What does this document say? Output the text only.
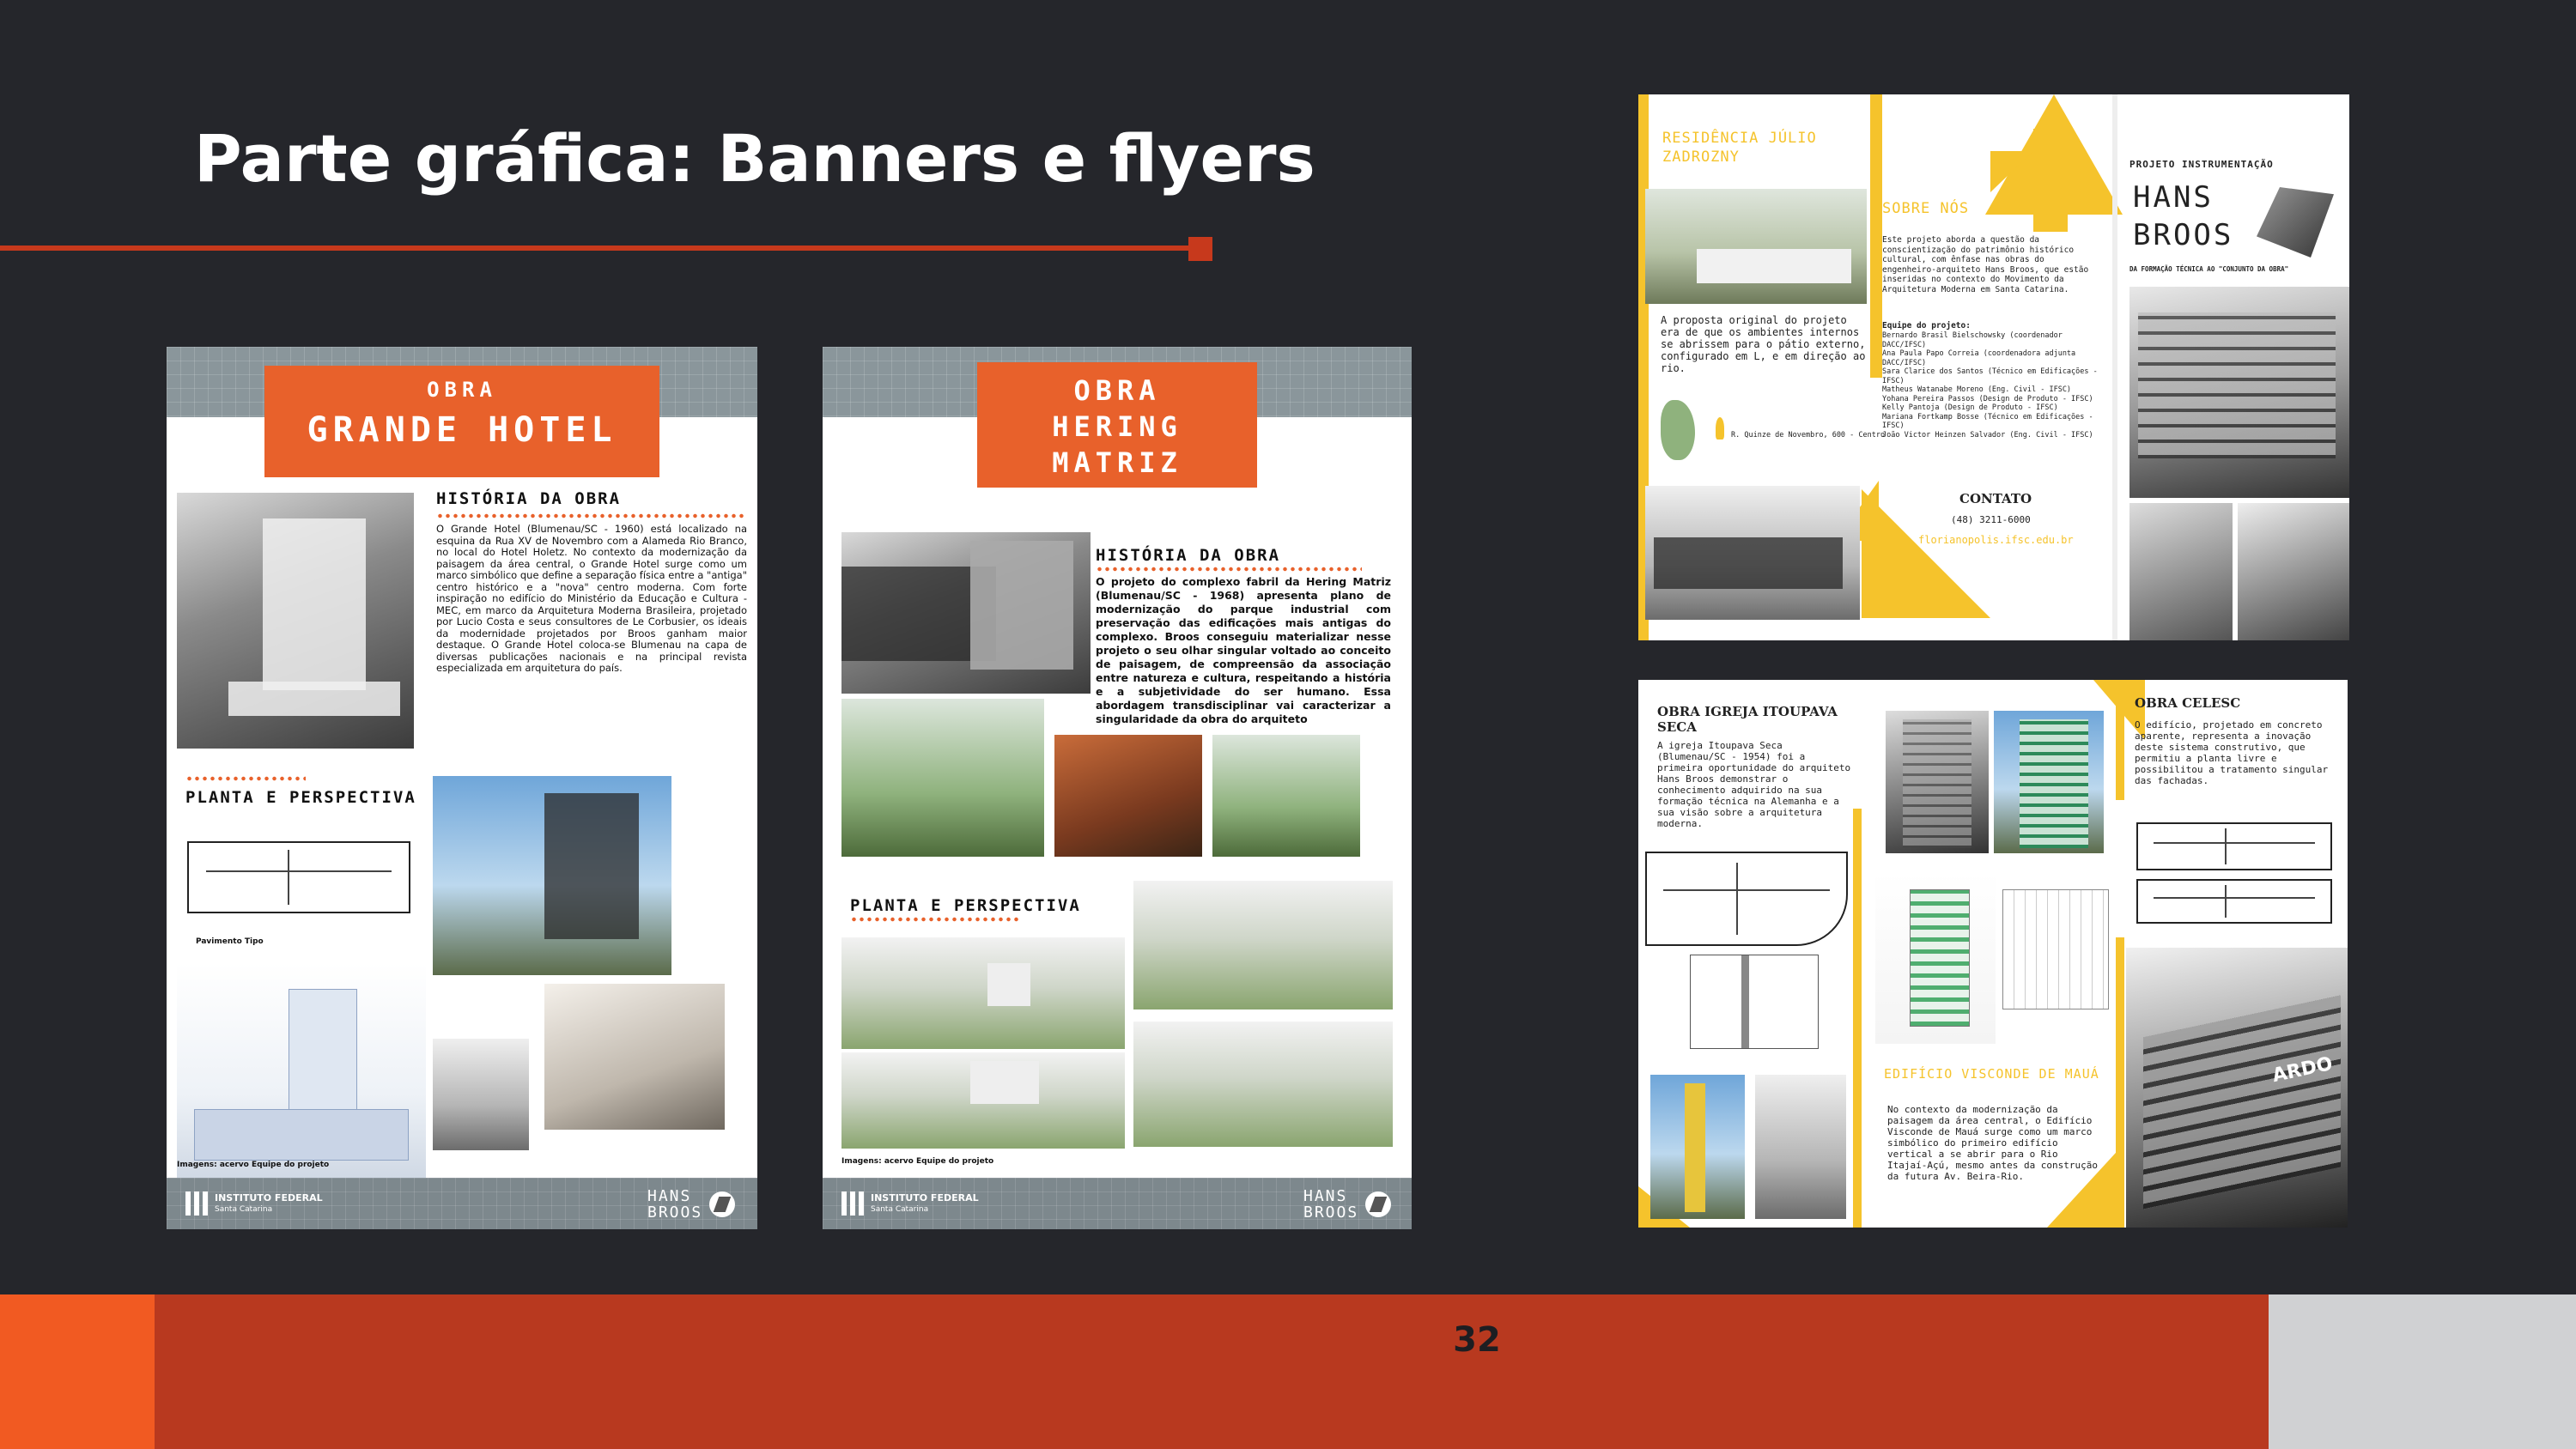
Parte gráfica: Banners e flyers
OBRA
GRANDE HOTEL
HISTÓRIA DA OBRA
O Grande Hotel (Blumenau/SC - 1960) está localizado na esquina da Rua XV de Novembro com a Alameda Rio Branco, no local do Hotel Holetz. No contexto da modernização da paisagem da área central, o Grande Hotel surge como um marco simbólico que define a separação física entre a "antiga" centro histórico e a "nova" centro moderna. Com forte inspiração no edifício do Ministério da Educação e Cultura - MEC, em marco da Arquitetura Moderna Brasileira, projetado por Lucio Costa e seus consultores de Le Corbusier, os ideais da modernidade projetados por Broos ganham maior destaque. O Grande Hotel coloca-se Blumenau na capa de diversas publicações nacionais e na principal revista especializada em arquitetura do país.
PLANTA E PERSPECTIVA
Pavimento Tipo
Imagens: acervo Equipe do projeto
INSTITUTO FEDERAL
Santa Catarina
HANS BROOS
OBRA
HERING
MATRIZ
HISTÓRIA DA OBRA
O projeto do complexo fabril da Hering Matriz (Blumenau/SC - 1968) apresenta plano de modernização do parque industrial com preservação das edificações mais antigas do complexo. Broos conseguiu materializar nesse projeto o seu olhar singular voltado ao conceito de paisagem, de compreensão da associação entre natureza e cultura, respeitando a história e a subjetividade do ser humano. Essa abordagem transdisciplinar vai caracterizar a singularidade da obra do arquiteto
PLANTA E PERSPECTIVA
Imagens: acervo Equipe do projeto
INSTITUTO FEDERAL
Santa Catarina
HANS BROOS
RESIDÊNCIA JÚLIO ZADROZNY
A proposta original do projeto era de que os ambientes internos se abrissem para o pátio externo, configurado em L, e em direção ao rio.
R. Quinze de Novembro, 600 - Centro
SOBRE NÓS
Este projeto aborda a questão da conscientização do patrimônio histórico cultural, com ênfase nas obras do engenheiro-arquiteto Hans Broos, que estão inseridas no contexto do Movimento da Arquitetura Moderna em Santa Catarina.
Equipe do projeto:
Bernardo Brasil Bielschowsky (coordenador DACC/IFSC)
Ana Paula Papo Correia (coordenadora adjunta DACC/IFSC)
Sara Clarice dos Santos (Técnico em Edificações - IFSC)
Matheus Watanabe Moreno (Eng. Civil - IFSC)
Yohana Pereira Passos (Design de Produto - IFSC)
Kelly Pantoja (Design de Produto - IFSC)
Mariana Fortkamp Bosse (Técnico em Edificações - IFSC)
João Victor Heinzen Salvador (Eng. Civil - IFSC)
CONTATO
(48) 3211-6000
florianopolis.ifsc.edu.br
PROJETO INSTRUMENTAÇÃO
HANS BROOS
DA FORMAÇÃO TÉCNICA AO "CONJUNTO DA OBRA"
OBRA IGREJA ITOUPAVA SECA
A igreja Itoupava Seca (Blumenau/SC - 1954) foi a primeira oportunidade do arquiteto Hans Broos demonstrar o conhecimento adquirido na sua formação técnica na Alemanha e a sua visão sobre a arquitetura moderna.
EDIFÍCIO VISCONDE DE MAUÁ
No contexto da modernização da paisagem da área central, o Edifício Visconde de Mauá surge como um marco simbólico do primeiro edifício vertical a se abrir para o Rio Itajaí-Açú, mesmo antes da construção da futura Av. Beira-Rio.
OBRA CELESC
O edifício, projetado em concreto aparente, representa a inovação deste sistema construtivo, que permitiu a planta livre e possibilitou a tratamento singular das fachadas.
ARDO
32
